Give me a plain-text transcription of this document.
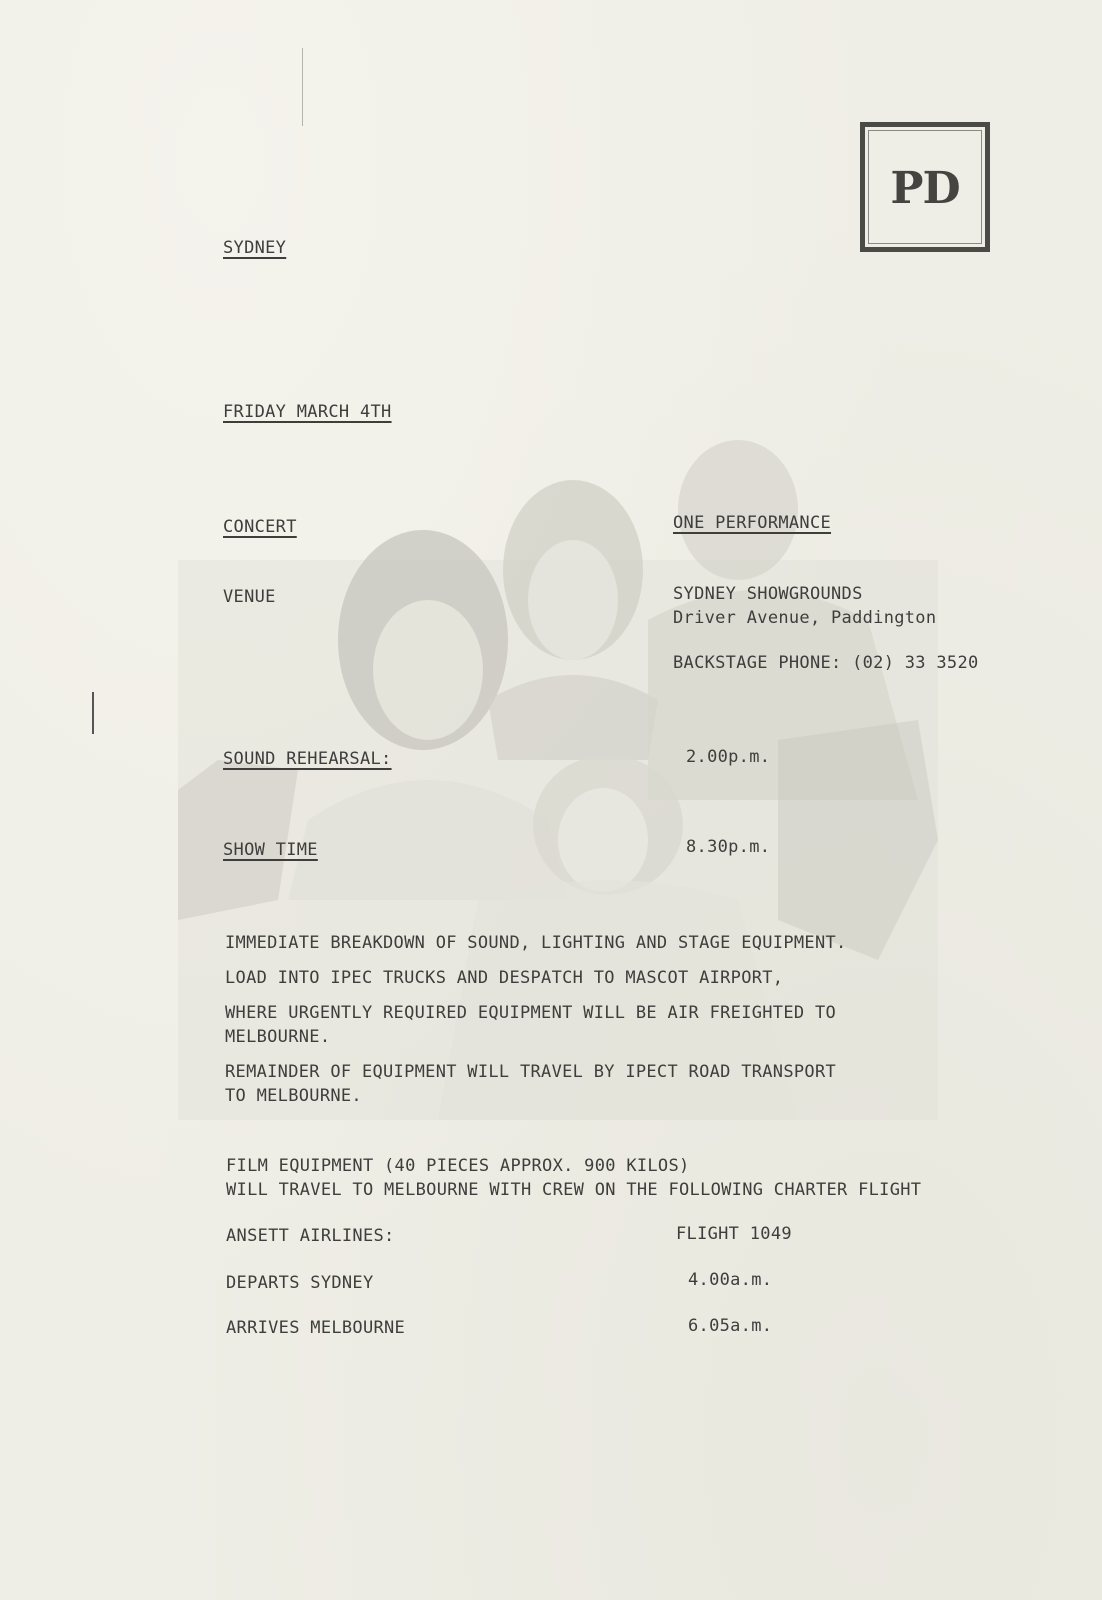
PD
SYDNEY
FRIDAY MARCH 4TH
CONCERT	ONE PERFORMANCE
VENUE	SYDNEY SHOWGROUNDS
Driver Avenue, Paddington
BACKSTAGE PHONE: (02) 33 3520
SOUND REHEARSAL:	2.00p.m.
SHOW TIME	8.30p.m.
IMMEDIATE BREAKDOWN OF SOUND, LIGHTING AND STAGE EQUIPMENT.
LOAD INTO IPEC TRUCKS AND DESPATCH TO MASCOT AIRPORT,
WHERE URGENTLY REQUIRED EQUIPMENT WILL BE AIR FREIGHTED TO
MELBOURNE.
REMAINDER OF EQUIPMENT WILL TRAVEL BY IPECT ROAD TRANSPORT
TO MELBOURNE.
FILM EQUIPMENT (40 PIECES APPROX. 900 KILOS)
WILL TRAVEL TO MELBOURNE WITH CREW ON THE FOLLOWING CHARTER FLIGHT
ANSETT AIRLINES:	FLIGHT 1049
DEPARTS SYDNEY	4.00a.m.
ARRIVES MELBOURNE	6.05a.m.
